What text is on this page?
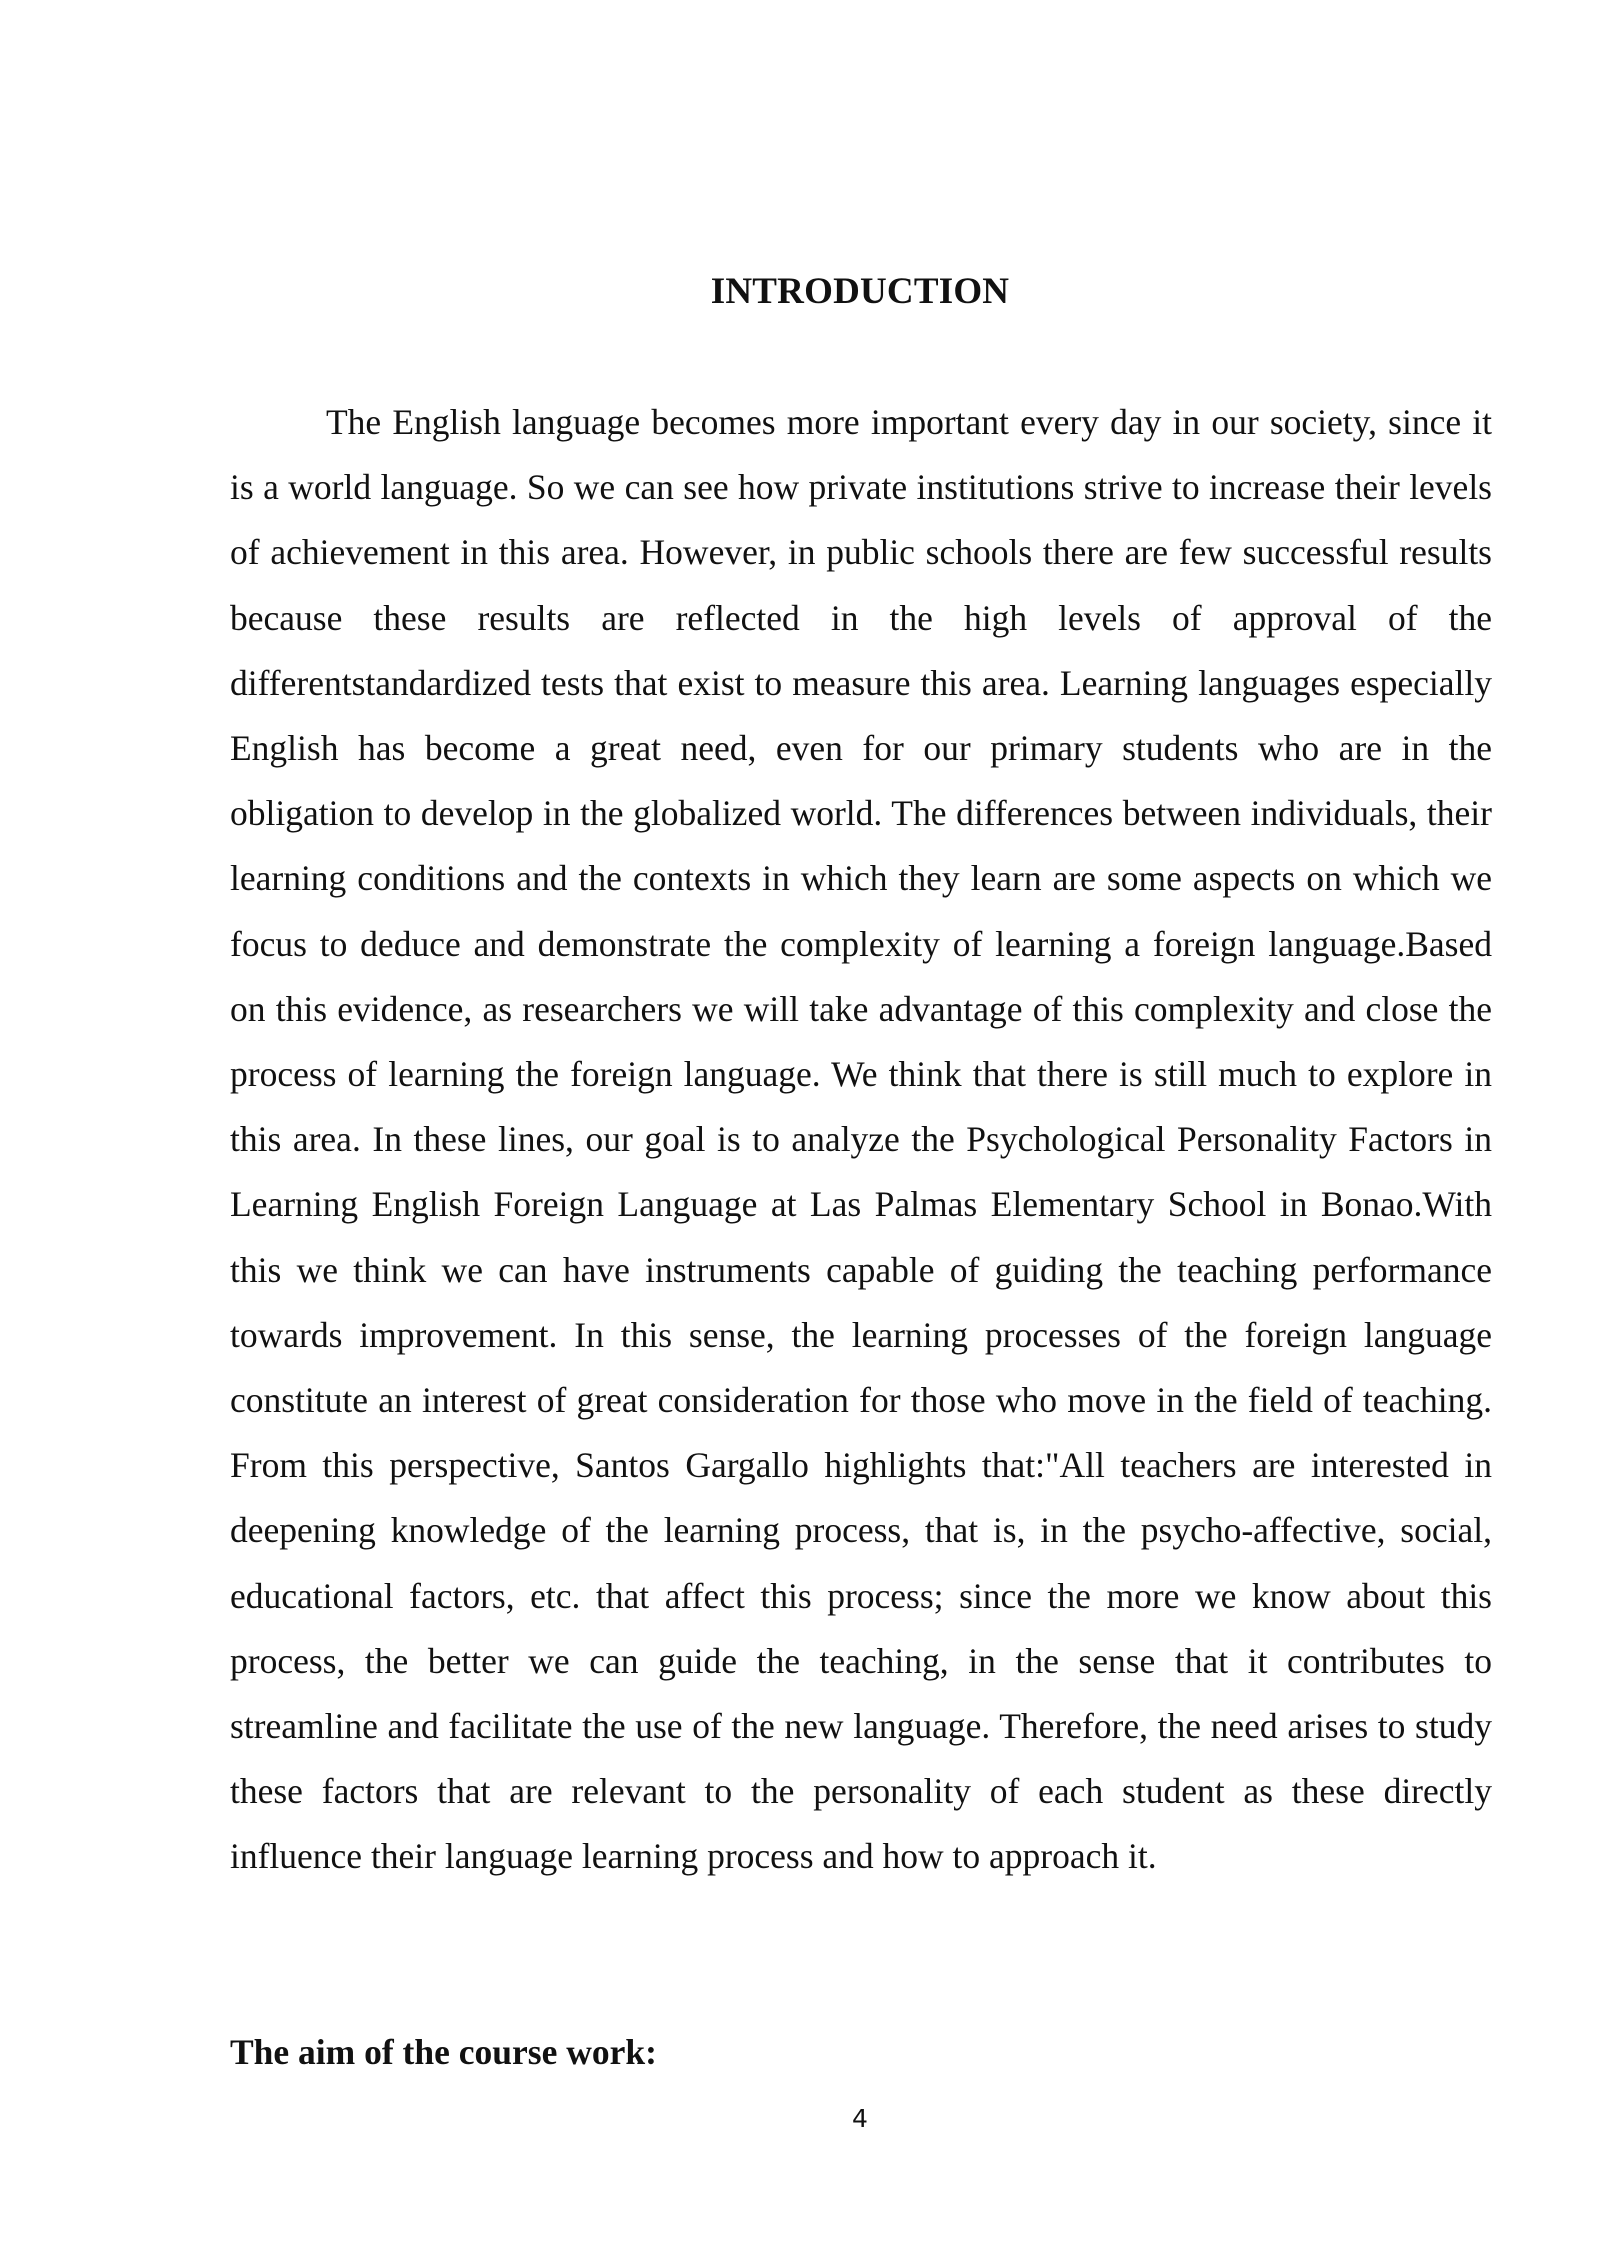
INTRODUCTION

The English language becomes more important every day in our society, since it is a world language. So we can see how private institutions strive to increase their levels of achievement in this area. However, in public schools there are few successful results because these results are reflected in the high levels of approval of the differentstandardized tests that exist to measure this area. Learning languages especially English has become a great need, even for our primary students who are in the obligation to develop in the globalized world. The differences between individuals, their learning conditions and the contexts in which they learn are some aspects on which we focus to deduce and demonstrate the complexity of learning a foreign language.Based on this evidence, as researchers we will take advantage of this complexity and close the process of learning the foreign language. We think that there is still much to explore in this area. In these lines, our goal is to analyze the Psychological Personality Factors in Learning English Foreign Language at Las Palmas Elementary School in Bonao.With this we think we can have instruments capable of guiding the teaching performance towards improvement. In this sense, the learning processes of the foreign language constitute an interest of great consideration for those who move in the field of teaching. From this perspective, Santos Gargallo highlights that:"All teachers are interested in deepening knowledge of the learning process, that is, in the psycho-affective, social, educational factors, etc. that affect this process; since the more we know about this process, the better we can guide the teaching, in the sense that it contributes to streamline and facilitate the use of the new language. Therefore, the need arises to study these factors that are relevant to the personality of each student as these directly influence their language learning process and how to approach it.

The aim of the course work:

4
